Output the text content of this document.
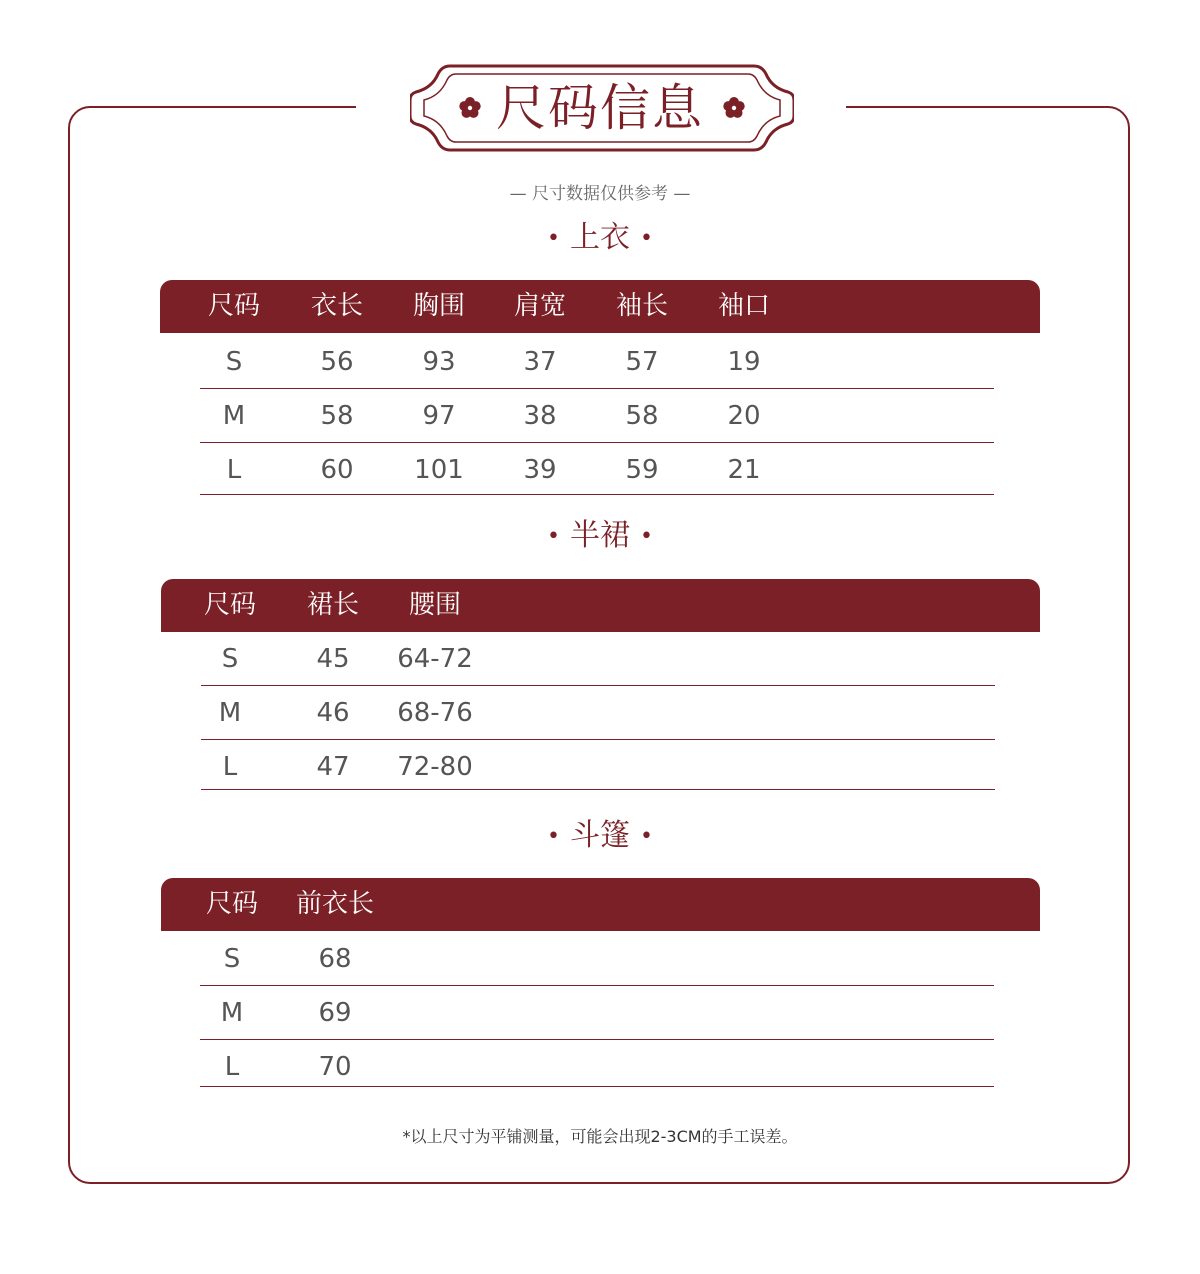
尺码信息
— 尺寸数据仅供参考 —
• 上衣 •
尺码	衣长	胸围	肩宽	袖长	袖口
S	56	93	37	57	19
M	58	97	38	58	20
L	60	101	39	59	21
• 半裙 •
尺码	裙长	腰围
S	45	64-72
M	46	68-76
L	47	72-80
• 斗篷 •
尺码	前衣长
S	68
M	69
L	70
*以上尺寸为平铺测量，可能会出现2-3CM的手工误差。
